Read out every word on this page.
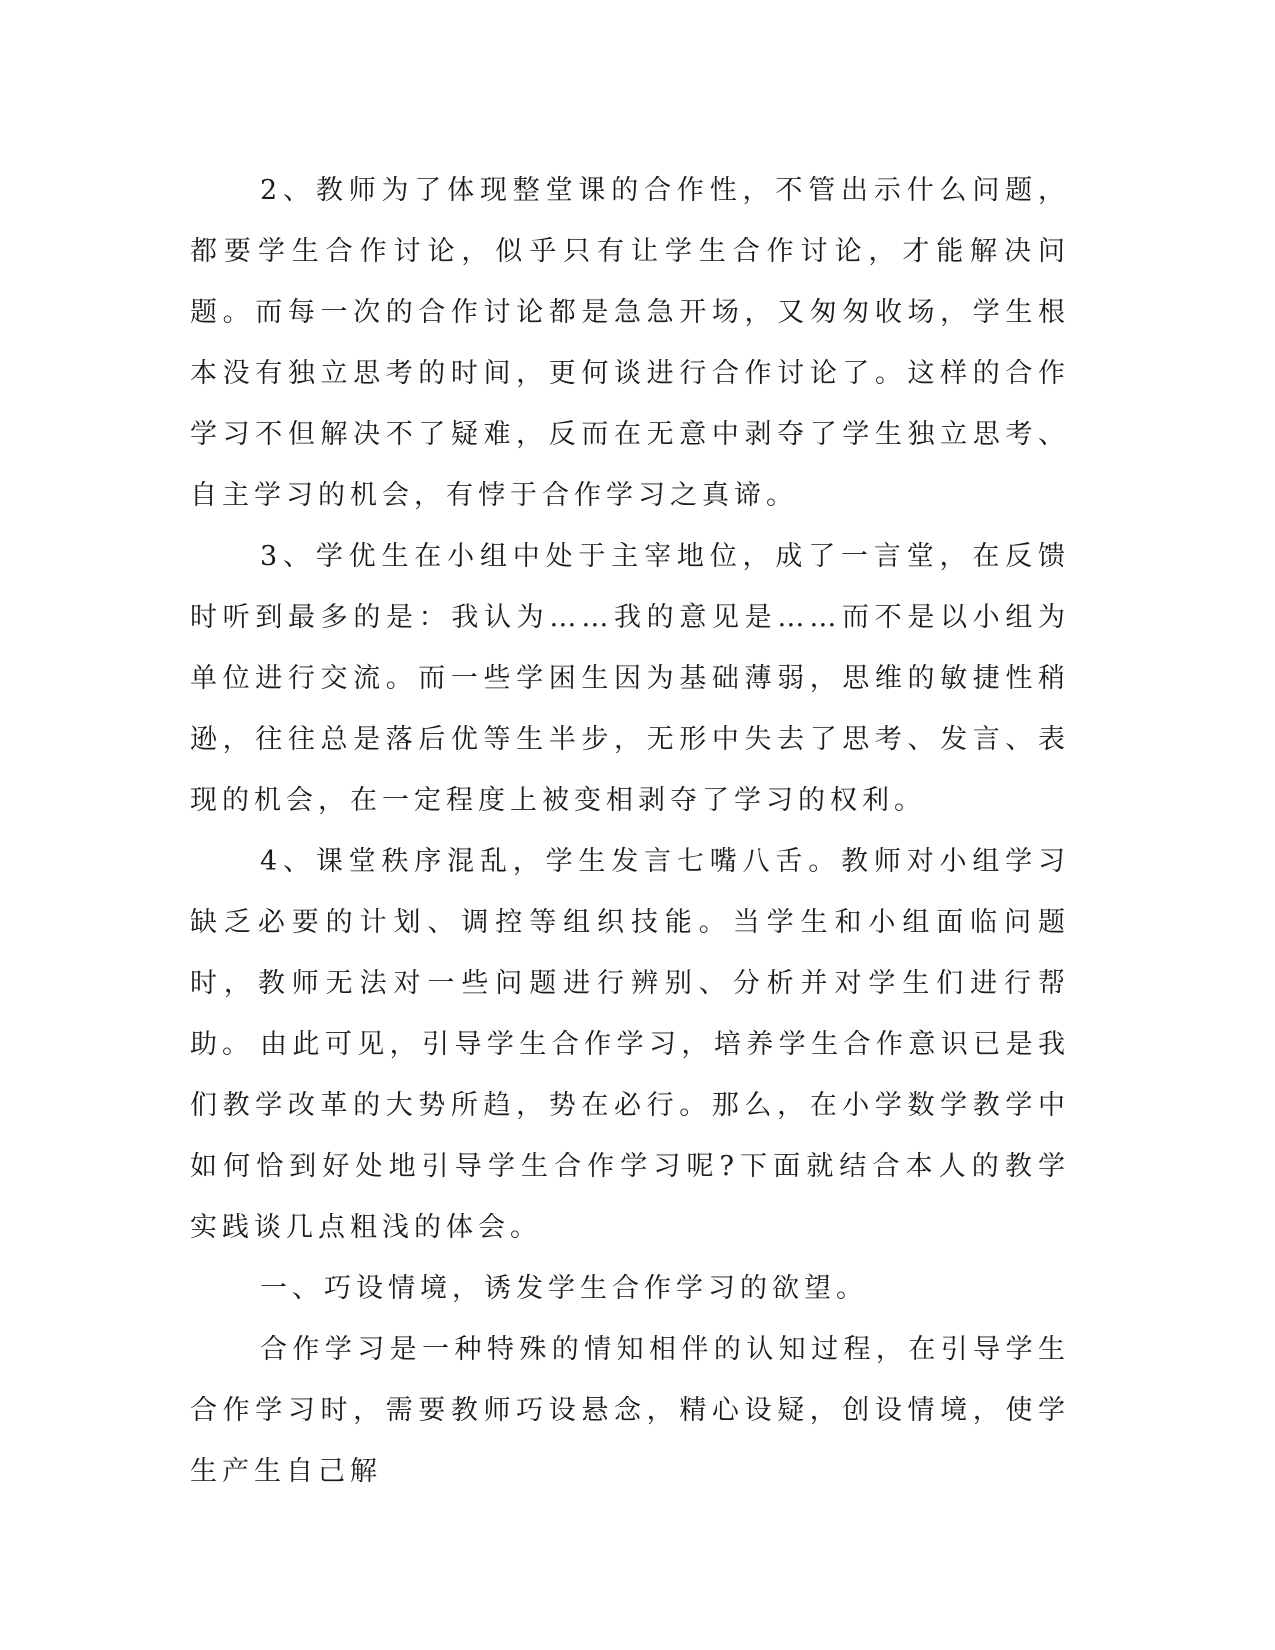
2、教师为了体现整堂课的合作性，不管出示什么问题，都要学生合作讨论，似乎只有让学生合作讨论，才能解决问题。而每一次的合作讨论都是急急开场，又匆匆收场，学生根本没有独立思考的时间，更何谈进行合作讨论了。这样的合作学习不但解决不了疑难，反而在无意中剥夺了学生独立思考、自主学习的机会，有悖于合作学习之真谛。

3、学优生在小组中处于主宰地位，成了一言堂，在反馈时听到最多的是：我认为……我的意见是……而不是以小组为单位进行交流。而一些学困生因为基础薄弱，思维的敏捷性稍逊，往往总是落后优等生半步，无形中失去了思考、发言、表现的机会，在一定程度上被变相剥夺了学习的权利。

4、课堂秩序混乱，学生发言七嘴八舌。教师对小组学习缺乏必要的计划、调控等组织技能。当学生和小组面临问题时，教师无法对一些问题进行辨别、分析并对学生们进行帮助。 由此可见，引导学生合作学习，培养学生合作意识已是我们教学改革的大势所趋，势在必行。那么，在小学数学教学中如何恰到好处地引导学生合作学习呢?下面就结合本人的教学实践谈几点粗浅的体会。

一、巧设情境，诱发学生合作学习的欲望。

合作学习是一种特殊的情知相伴的认知过程，在引导学生合作学习时，需要教师巧设悬念，精心设疑，创设情境，使学生产生自己解
